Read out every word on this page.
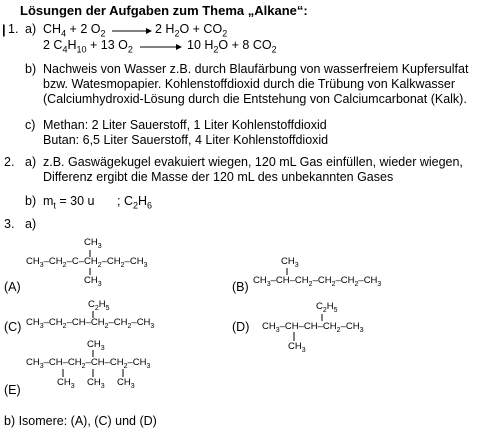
Lösungen der Aufgaben zum Thema „Alkane“:
| 1. a) $CH_4 + 2$ $O_2$	2 $H_2O + CO_2$
2 $C_4H_{10} + 13$ $O_2$	10 $H_2O + 8$ $CO_2$
b) Nachweis von Wasser z.B. durch Blaufärbung von wasserfreiem Kupfersulfat
bzw. Watesmopapier. Kohlenstoffdioxid durch die Trübung von Kalkwasser
(Calciumhydroxid-Lösung durch die Entstehung von Calciumcarbonat (Kalk).
c) Methan: 2 Liter Sauerstoff, 1 Liter Kohlenstoffdioxid
Butan: 6,5 Liter Sauerstoff, 4 Liter Kohlenstoffdioxid
2. a) z.B. Gaswägekugel evakuiert wiegen, 120 mL Gas einfüllen, wieder wiegen,
Differenz ergibt die Masse der 120 mL des unbekannten Gases
b) $m_t = 30$ u ; $C_2H_6$
3. a)
$CH_3$
$CH_3-CH_2-C-CH_2-CH_2-CH_3$
$CH_3$
(A)
$CH_3$
$CH_3-CH-CH_2-CH_2-CH_2-CH_3$
(B)
$C_2H_5$
$CH_3-CH_2-CH-CH_2-CH_2-CH_3$
(C)
$C_2H_5$
$CH_3-CH-CH-CH_2-CH_3$
$CH_3$
(D)
$CH_3$
$CH_3-CH-CH_2-CH-CH_2-CH_3$
$CH_3$ $CH_3$ $CH_3$
(E)
b) Isomere: (A), (C) und (D)
